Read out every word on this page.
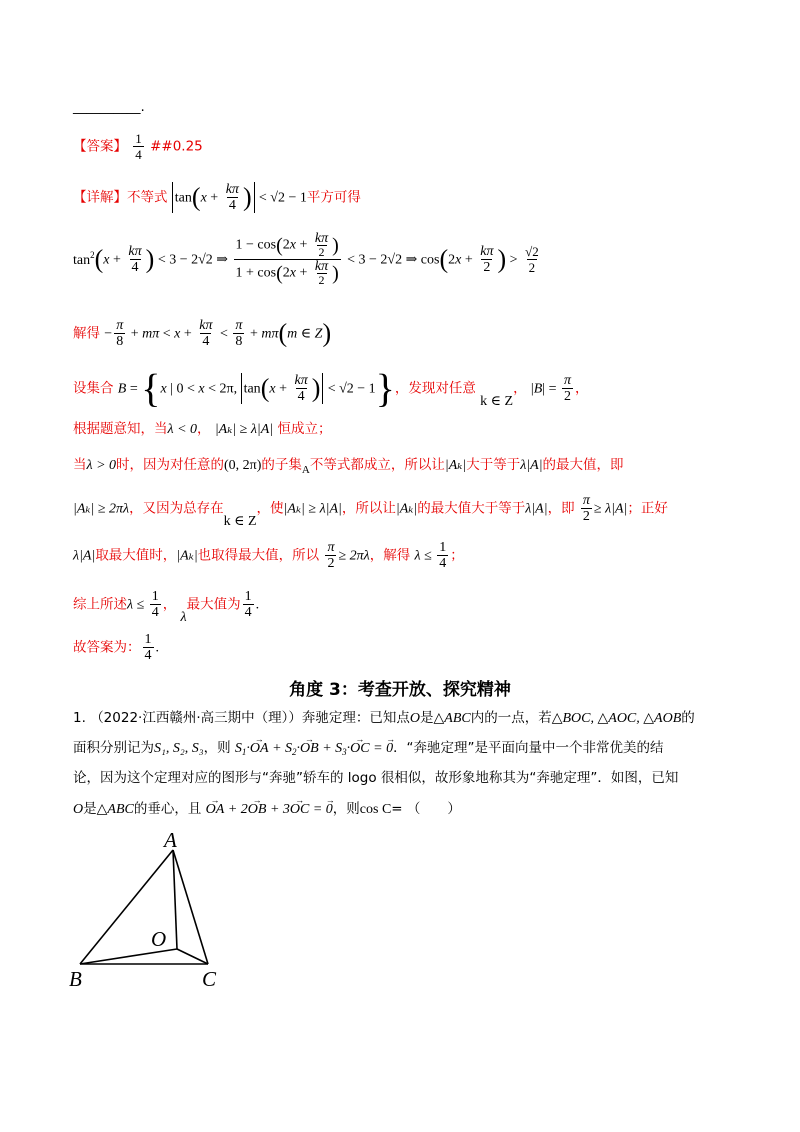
__________.
【答案】 $\frac{1}{4}$ ##0.25
【详解】不等式 $\tan(x + \frac{k\pi}{4}$ ) < √2 − 1平方可得
$\tan^2(x + \frac{k\pi}{4}$ ) < 3 − 2√2 ⇒ $\frac{1 - \cos(2x + \frac{k\pi}{2} )}{1 + \cos(2x + \frac{k\pi}{2} )} < 3 - 2√2$ ⇒ $\cos(2x + \frac{k\pi}{2}$ ) > $\frac{√2}{2}$
解得 − $\frac{\pi}{8} + m\pi < x + \frac{k\pi}{4} < \frac{\pi}{8} + m\pi(m$ ∈ Z)
设集合 B = {x | 0 < x < 2π, $\tan(x + \frac{k\pi}{4}$ ) < √2 − 1}，发现对任意 k ∈ Z， $|B| = \frac{\pi}{2}$ ，
根据题意知，当λ < 0， |Aₖ| ≥ λ|A| 恒成立；
当λ > 0时，因为对任意的(0, 2π)的子集$_A$不等式都成立，所以让|Aₖ|大于等于λ|A|的最大值，即
|Aₖ| ≥ 2πλ，又因为总存在k ∈ Z，使|Aₖ| ≥ λ|A|，所以让|Aₖ|的最大值大于等于λ|A|，即 $\frac{\pi}{2} \ge \lambda|A|$；正好
λ|A|取最大值时，|Aₖ|也取得最大值，所以 $\frac{\pi}{2} \ge 2\pi\lambda$，解得 $\lambda \le \frac{1}{4}$ ；
综上所述$\lambda \le \frac{1}{4}$ ， λ最大值为 $\frac{1}{4}$ .
故答案为： $\frac{1}{4}$ .
角度 3：考查开放、探究精神
1. （2022·江西赣州·高三期中（理））奔驰定理：已知点O是△ABC内的一点，若△BOC, △AOC, △AOB的
面积分别记为S₁, S₂, S₃，则 $S_1\cdot\to$ OA + $S_2\cdot\to$ OB + $S_3\cdot\to$ OC = → 0．“奔驰定理”是平面向量中一个非常优美的结
论，因为这个定理对应的图形与“奔驰”轿车的 logo 很相似，故形象地称其为“奔驰定理”．如图，已知
O是△ABC的垂心，且 → OA + 2→ OB + 3→ OC = → 0，则cos C= （　　）
A
B	C
O
